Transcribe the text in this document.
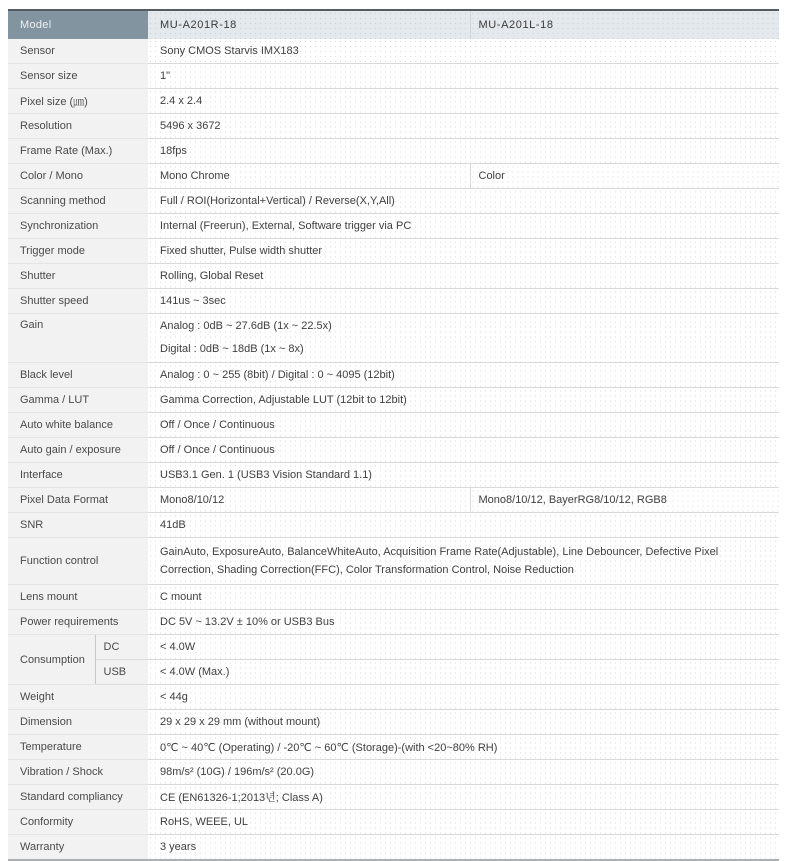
Model		MU-A201R-18	MU-A201L-18
Sensor		Sony CMOS Starvis IMX183	
Sensor size		1"	
Pixel size (㎛)		2.4 x 2.4	
Resolution		5496 x 3672	
Frame Rate (Max.)		18fps	
Color / Mono		Mono Chrome	Color
Scanning method		Full / ROI(Horizontal+Vertical) / Reverse(X,Y,All)	
Synchronization		Internal (Freerun), External, Software trigger via PC	
Trigger mode		Fixed shutter, Pulse width shutter	
Shutter		Rolling, Global Reset	
Shutter speed		141us ~ 3sec	
Gain		Analog : 0dB ~ 27.6dB (1x ~ 22.5x)
Digital : 0dB ~ 18dB (1x ~ 8x)	

Black level		Analog : 0 ~ 255 (8bit) / Digital : 0 ~ 4095 (12bit)	
Gamma / LUT		Gamma Correction, Adjustable LUT (12bit to 12bit)	
Auto white balance		Off / Once / Continuous	
Auto gain / exposure		Off / Once / Continuous	
Interface		USB3.1 Gen. 1 (USB3 Vision Standard 1.1)	
Pixel Data Format		Mono8/10/12	Mono8/10/12, BayerRG8/10/12, RGB8
SNR		41dB	
Function control		GainAuto, ExposureAuto, BalanceWhiteAuto, Acquisition Frame Rate(Adjustable), Line Debouncer, Defective Pixel Correction, Shading Correction(FFC), Color Transformation Control, Noise Reduction	
Lens mount		C mount	
Power requirements		DC 5V ~ 13.2V ± 10% or USB3 Bus	
Consumption	DC	< 4.0W	
	USB	< 4.0W (Max.)	
Weight		< 44g	
Dimension		29 x 29 x 29 mm (without mount)	
Temperature		0℃ ~ 40℃ (Operating) / -20℃ ~ 60℃ (Storage)-(with <20~80% RH)	
Vibration / Shock		98m/s² (10G) / 196m/s² (20.0G)	
Standard compliancy		CE (EN61326-1;2013년; Class A)	
Conformity		RoHS, WEEE, UL	
Warranty		3 years	
